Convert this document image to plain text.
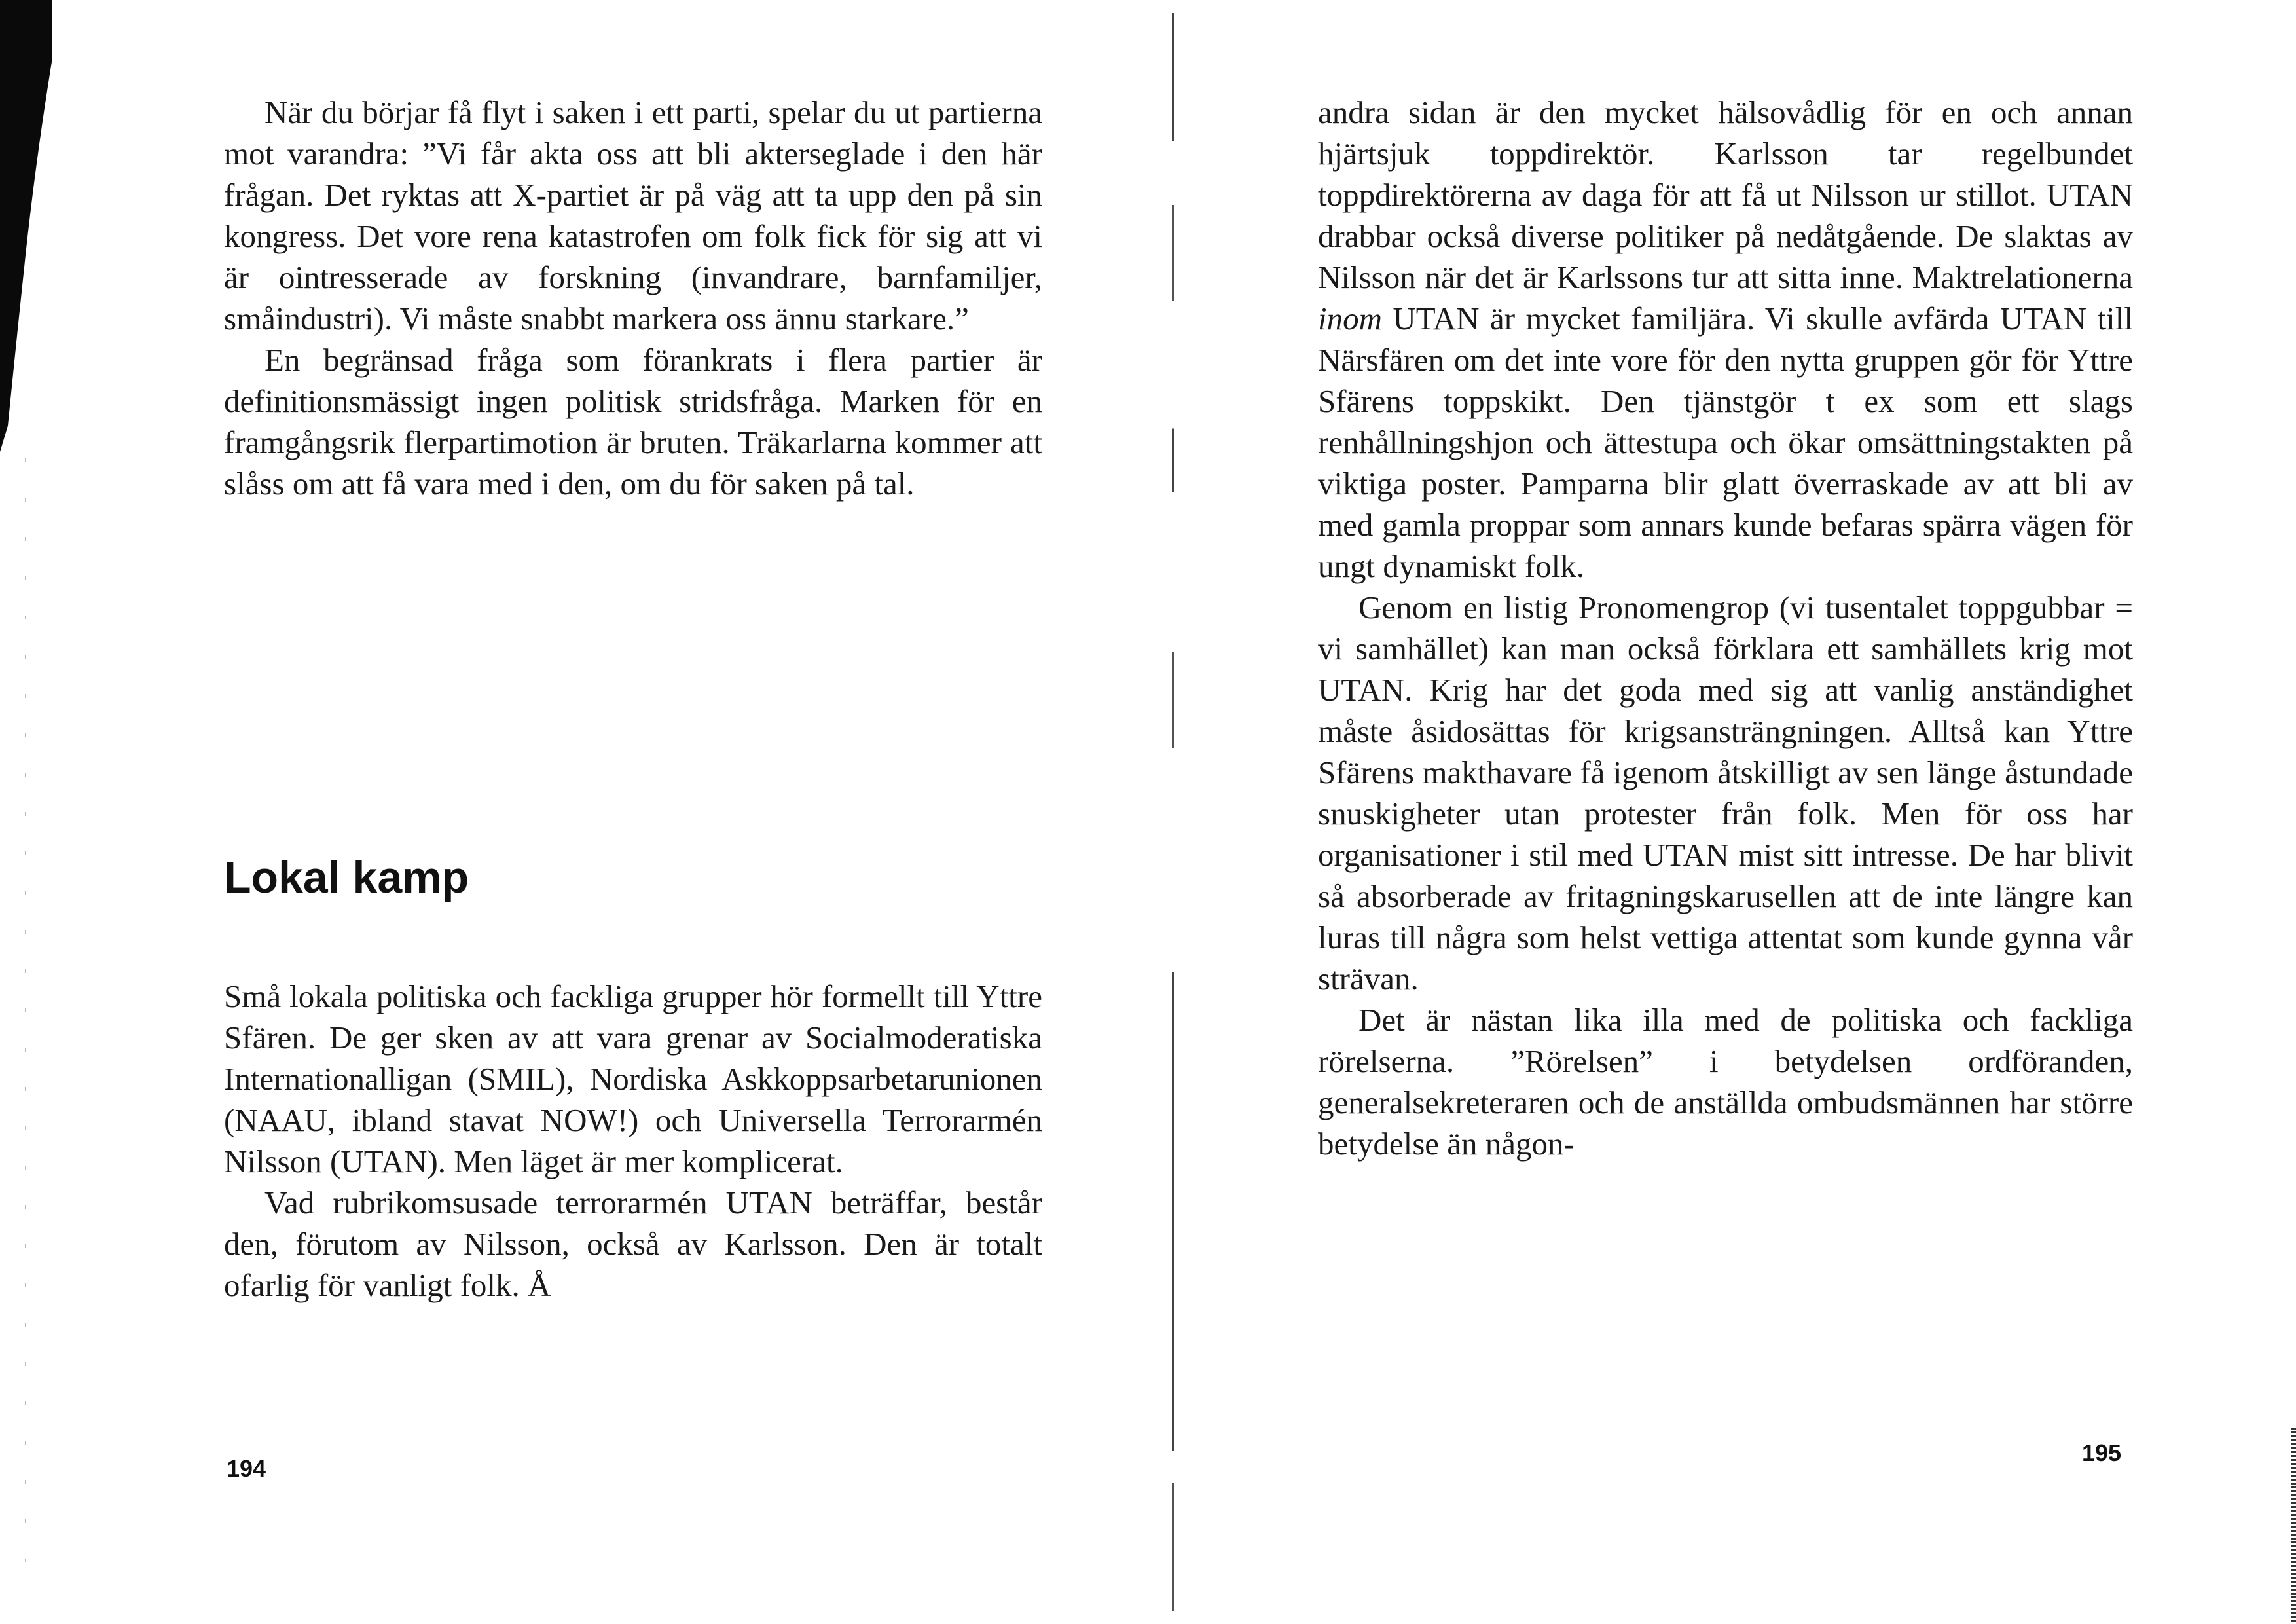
När du börjar få flyt i saken i ett parti, spelar du ut partierna mot varandra: ”Vi får akta oss att bli akterseglade i den här frågan. Det ryktas att X-partiet är på väg att ta upp den på sin kongress. Det vore rena katastrofen om folk fick för sig att vi är ointresserade av forskning (invandrare, barnfamiljer, småindustri). Vi måste snabbt markera oss ännu starkare.”

En begränsad fråga som förankrats i flera partier är definitionsmässigt ingen politisk stridsfråga. Marken för en framgångsrik flerpartimotion är bruten. Träkarlarna kommer att slåss om att få vara med i den, om du för saken på tal.

Lokal kamp

Små lokala politiska och fackliga grupper hör formellt till Yttre Sfären. De ger sken av att vara grenar av Socialmoderatiska Internationalligan (SMIL), Nordiska Askkoppsarbetarunionen (NAAU, ibland stavat NOW!) och Universella Terrorarmén Nilsson (UTAN). Men läget är mer komplicerat.

Vad rubrikomsusade terrorarmén UTAN beträffar, består den, förutom av Nilsson, också av Karlsson. Den är totalt ofarlig för vanligt folk. Å

194

andra sidan är den mycket hälsovådlig för en och annan hjärtsjuk toppdirektör. Karlsson tar regelbundet toppdirektörerna av daga för att få ut Nilsson ur stillot. UTAN drabbar också diverse politiker på nedåtgående. De slaktas av Nilsson när det är Karlssons tur att sitta inne. Maktrelationerna inom UTAN är mycket familjära. Vi skulle avfärda UTAN till Närsfären om det inte vore för den nytta gruppen gör för Yttre Sfärens toppskikt. Den tjänstgör t ex som ett slags renhållningshjon och ättestupa och ökar omsättningstakten på viktiga poster. Pamparna blir glatt överraskade av att bli av med gamla proppar som annars kunde befaras spärra vägen för ungt dynamiskt folk.

Genom en listig Pronomengrop (vi tusentalet toppgubbar = vi samhället) kan man också förklara ett samhällets krig mot UTAN. Krig har det goda med sig att vanlig anständighet måste åsidosättas för krigsansträngningen. Alltså kan Yttre Sfärens makthavare få igenom åtskilligt av sen länge åstundade snuskigheter utan protester från folk. Men för oss har organisationer i stil med UTAN mist sitt intresse. De har blivit så absorberade av fritagningskarusellen att de inte längre kan luras till några som helst vettiga attentat som kunde gynna vår strävan.

Det är nästan lika illa med de politiska och fackliga rörelserna. ”Rörelsen” i betydelsen ordföranden, generalsekreteraren och de anställda ombudsmännen har större betydelse än någon-

195
